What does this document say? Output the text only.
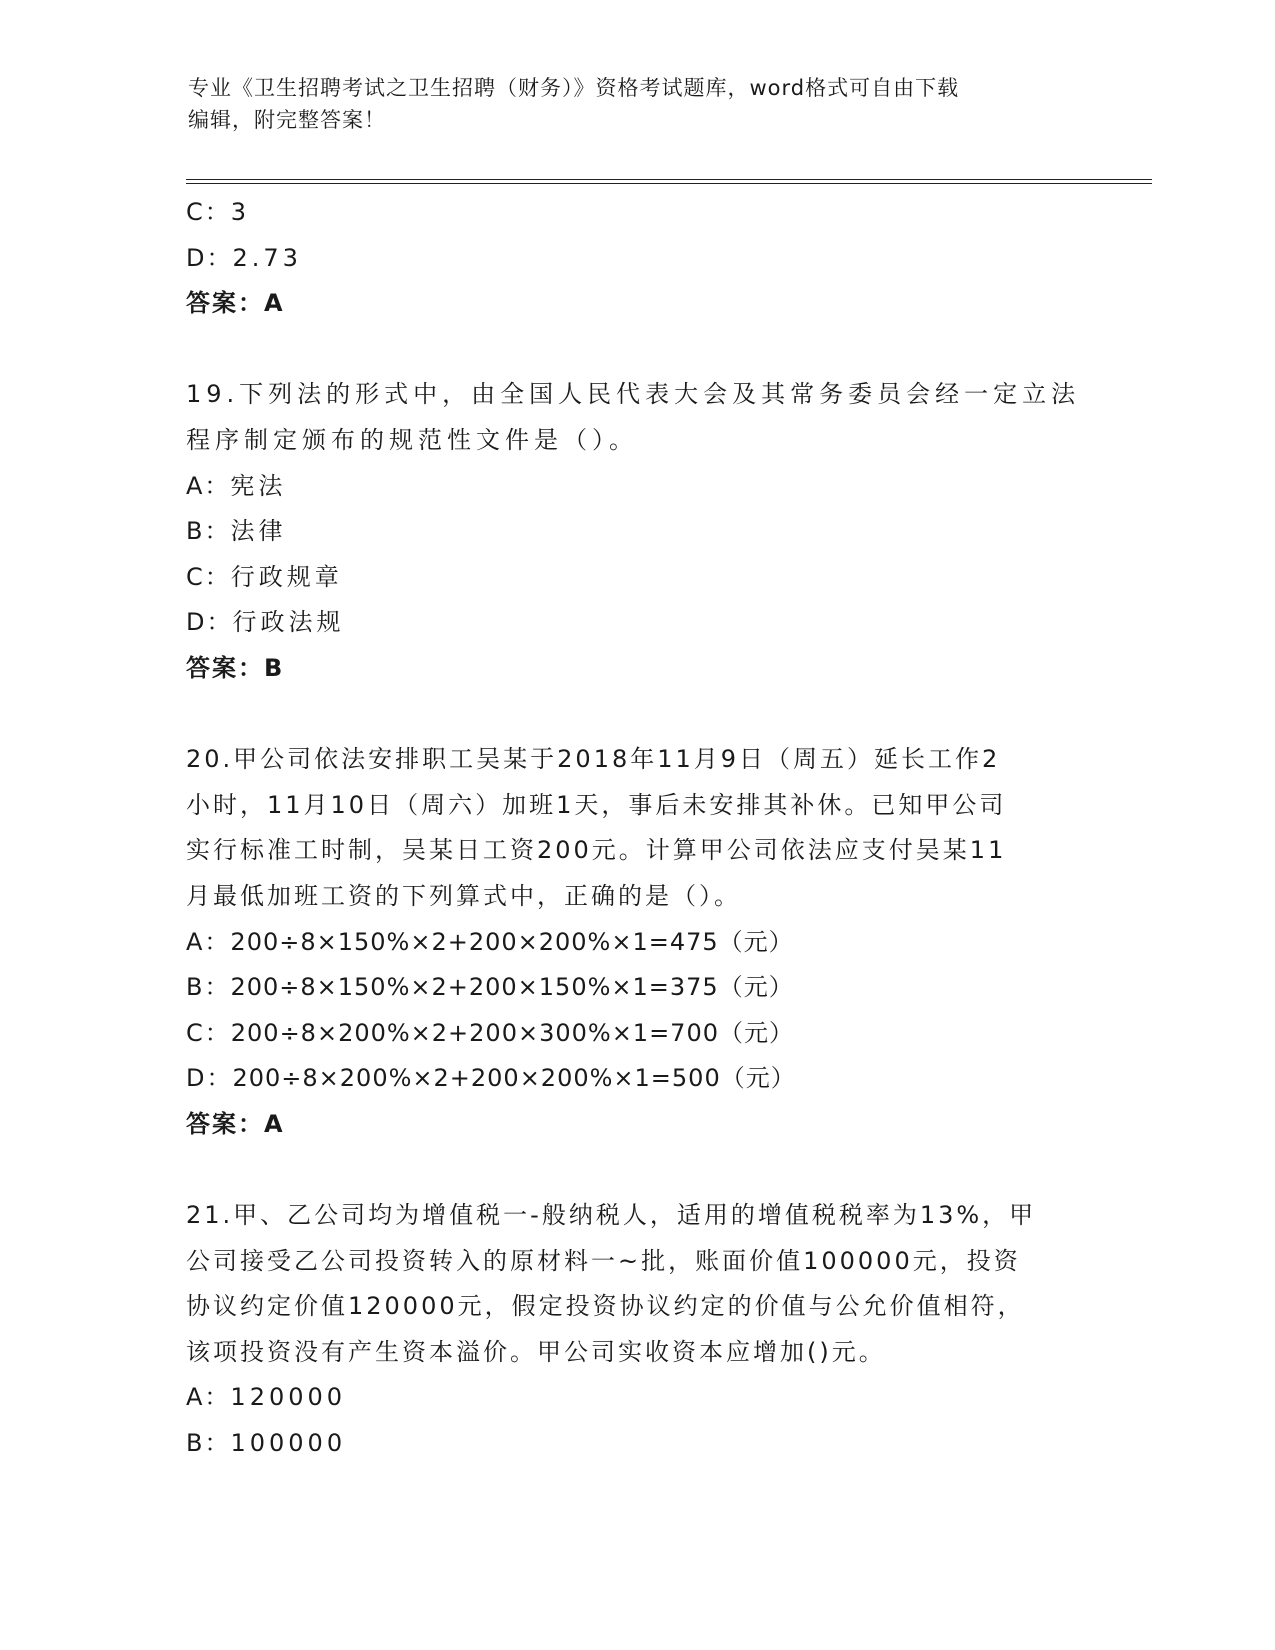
专业《卫生招聘考试之卫生招聘（财务）》资格考试题库，word格式可自由下载
编辑，附完整答案！
C：3
D：2.73
答案：A
19.下列法的形式中，由全国人民代表大会及其常务委员会经一定立法
程序制定颁布的规范性文件是（）。
A：宪法
B：法律
C：行政规章
D：行政法规
答案：B
20.甲公司依法安排职工吴某于2018年11月9日（周五）延长工作2
小时，11月10日（周六）加班1天，事后未安排其补休。已知甲公司
实行标准工时制，吴某日工资200元。计算甲公司依法应支付吴某11
月最低加班工资的下列算式中，正确的是（）。
A：200÷8×150%×2+200×200%×1=475（元）
B：200÷8×150%×2+200×150%×1=375（元）
C：200÷8×200%×2+200×300%×1=700（元）
D：200÷8×200%×2+200×200%×1=500（元）
答案：A
21.甲、乙公司均为增值税一-般纳税人，适用的增值税税率为13%，甲
公司接受乙公司投资转入的原材料一~批，账面价值100000元，投资
协议约定价值120000元，假定投资协议约定的价值与公允价值相符，
该项投资没有产生资本溢价。甲公司实收资本应增加()元。
A：120000
B：100000
